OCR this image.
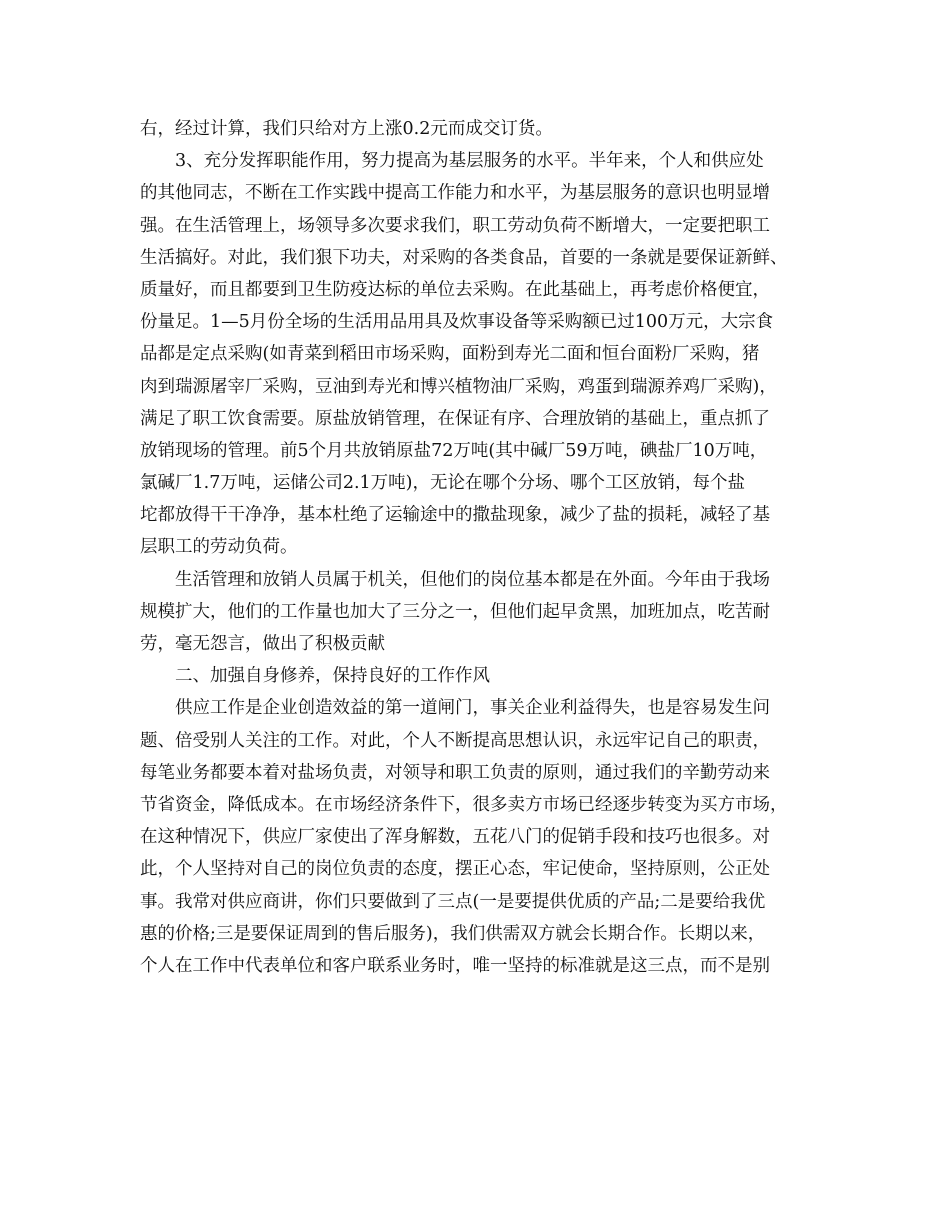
右，经过计算，我们只给对方上涨0.2元而成交订货。
3、充分发挥职能作用，努力提高为基层服务的水平。半年来，个人和供应处
的其他同志，不断在工作实践中提高工作能力和水平，为基层服务的意识也明显增
强。在生活管理上，场领导多次要求我们，职工劳动负荷不断增大，一定要把职工
生活搞好。对此，我们狠下功夫，对采购的各类食品，首要的一条就是要保证新鲜、
质量好，而且都要到卫生防疫达标的单位去采购。在此基础上，再考虑价格便宜，
份量足。1—5月份全场的生活用品用具及炊事设备等采购额已过100万元，大宗食
品都是定点采购(如青菜到稻田市场采购，面粉到寿光二面和恒台面粉厂采购，猪
肉到瑞源屠宰厂采购，豆油到寿光和博兴植物油厂采购，鸡蛋到瑞源养鸡厂采购)，
满足了职工饮食需要。原盐放销管理，在保证有序、合理放销的基础上，重点抓了
放销现场的管理。前5个月共放销原盐72万吨(其中碱厂59万吨，碘盐厂10万吨，
氯碱厂1.7万吨，运储公司2.1万吨)，无论在哪个分场、哪个工区放销，每个盐
坨都放得干干净净，基本杜绝了运输途中的撒盐现象，减少了盐的损耗，减轻了基
层职工的劳动负荷。
生活管理和放销人员属于机关，但他们的岗位基本都是在外面。今年由于我场
规模扩大，他们的工作量也加大了三分之一，但他们起早贪黑，加班加点，吃苦耐
劳，毫无怨言，做出了积极贡献
二、加强自身修养，保持良好的工作作风
供应工作是企业创造效益的第一道闸门，事关企业利益得失，也是容易发生问
题、倍受别人关注的工作。对此，个人不断提高思想认识，永远牢记自己的职责，
每笔业务都要本着对盐场负责，对领导和职工负责的原则，通过我们的辛勤劳动来
节省资金，降低成本。在市场经济条件下，很多卖方市场已经逐步转变为买方市场，
在这种情况下，供应厂家使出了浑身解数，五花八门的促销手段和技巧也很多。对
此，个人坚持对自己的岗位负责的态度，摆正心态，牢记使命，坚持原则，公正处
事。我常对供应商讲，你们只要做到了三点(一是要提供优质的产品;二是要给我优
惠的价格;三是要保证周到的售后服务)，我们供需双方就会长期合作。长期以来，
个人在工作中代表单位和客户联系业务时，唯一坚持的标准就是这三点，而不是别
